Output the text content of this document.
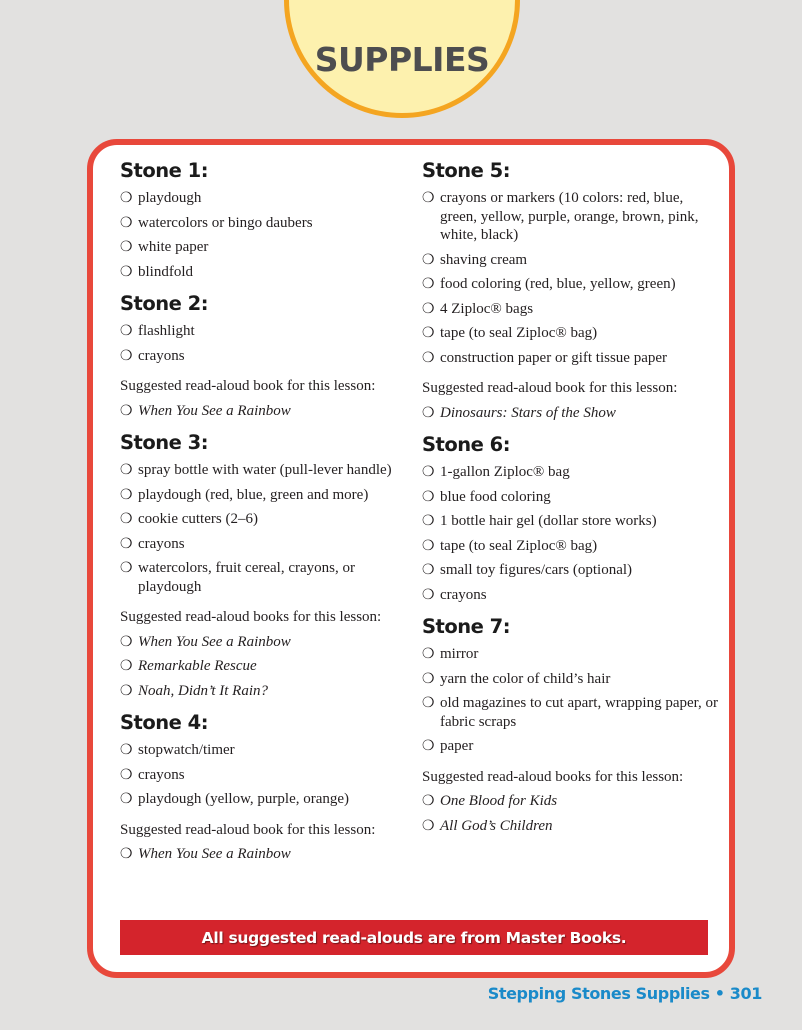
SUPPLIES
Stone 1:
❍ playdough
❍ watercolors or bingo daubers
❍ white paper
❍ blindfold
Stone 2:
❍ flashlight
❍ crayons
Suggested read-aloud book for this lesson:
❍ When You See a Rainbow
Stone 3:
❍ spray bottle with water (pull-lever handle)
❍ playdough (red, blue, green and more)
❍ cookie cutters (2–6)
❍ crayons
❍ watercolors, fruit cereal, crayons, or playdough
Suggested read-aloud books for this lesson:
❍ When You See a Rainbow
❍ Remarkable Rescue
❍ Noah, Didn’t It Rain?
Stone 4:
❍ stopwatch/timer
❍ crayons
❍ playdough (yellow, purple, orange)
Suggested read-aloud book for this lesson:
❍ When You See a Rainbow
Stone 5:
❍ crayons or markers (10 colors: red, blue, green, yellow, purple, orange, brown, pink, white, black)
❍ shaving cream
❍ food coloring (red, blue, yellow, green)
❍ 4 Ziploc® bags
❍ tape (to seal Ziploc® bag)
❍ construction paper or gift tissue paper
Suggested read-aloud book for this lesson:
❍ Dinosaurs: Stars of the Show
Stone 6:
❍ 1-gallon Ziploc® bag
❍ blue food coloring
❍ 1 bottle hair gel (dollar store works)
❍ tape (to seal Ziploc® bag)
❍ small toy figures/cars (optional)
❍ crayons
Stone 7:
❍ mirror
❍ yarn the color of child’s hair
❍ old magazines to cut apart, wrapping paper, or fabric scraps
❍ paper
Suggested read-aloud books for this lesson:
❍ One Blood for Kids
❍ All God’s Children
All suggested read-alouds are from Master Books.
Stepping Stones Supplies • 301
